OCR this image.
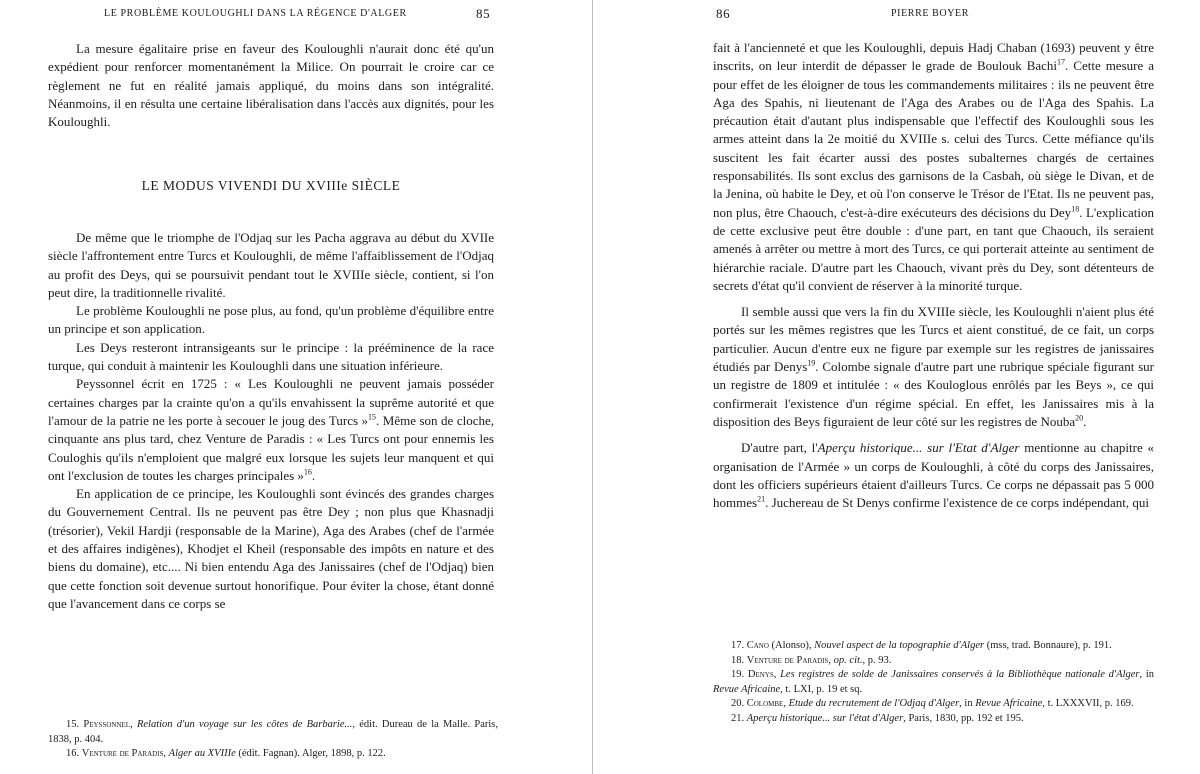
LE PROBLÈME KOULOUGHLI DANS LA RÉGENCE D'ALGER	85

La mesure égalitaire prise en faveur des Kouloughli n'aurait donc été qu'un expédient pour renforcer momentanément la Milice. On pourrait le croire car ce règlement ne fut en réalité jamais appliqué, du moins dans son intégralité. Néanmoins, il en résulta une certaine libéralisation dans l'accès aux dignités, pour les Kouloughli.

LE MODUS VIVENDI DU XVIIIe SIÈCLE

De même que le triomphe de l'Odjaq sur les Pacha aggrava au début du XVIIe siècle l'affrontement entre Turcs et Kouloughli, de même l'affaiblissement de l'Odjaq au profit des Deys, qui se poursuivit pendant tout le XVIIIe siècle, contient, si l'on peut dire, la traditionnelle rivalité.

Le problème Kouloughli ne pose plus, au fond, qu'un problème d'équilibre entre un principe et son application.

Les Deys resteront intransigeants sur le principe : la prééminence de la race turque, qui conduit à maintenir les Kouloughli dans une situation inférieure.

Peyssonnel écrit en 1725 : « Les Kouloughli ne peuvent jamais posséder certaines charges par la crainte qu'on a qu'ils envahissent la suprême autorité et que l'amour de la patrie ne les porte à secouer le joug des Turcs »$^{15}$. Même son de cloche, cinquante ans plus tard, chez Venture de Paradis : « Les Turcs ont pour ennemis les Couloghis qu'ils n'emploient que malgré eux lorsque les sujets leur manquent et qui ont l'exclusion de toutes les charges principales »$^{16}$.

En application de ce principe, les Kouloughli sont évincés des grandes charges du Gouvernement Central. Ils ne peuvent pas être Dey ; non plus que Khasnadji (trésorier), Vekil Hardji (responsable de la Marine), Aga des Arabes (chef de l'armée et des affaires indigènes), Khodjet el Kheil (responsable des impôts en nature et des biens du domaine), etc.... Ni bien entendu Aga des Janissaires (chef de l'Odjaq) bien que cette fonction soit devenue surtout honorifique. Pour éviter la chose, étant donné que l'avancement dans ce corps se

15. Peyssonnel, Relation d'un voyage sur les côtes de Barbarie..., édit. Dureau de la Malle. Paris, 1838, p. 404.

16. Venture de Paradis, Alger au XVIIIe (édit. Fagnan). Alger, 1898, p. 122.

86	PIERRE BOYER

fait à l'ancienneté et que les Kouloughli, depuis Hadj Chaban (1693) peuvent y être inscrits, on leur interdit de dépasser le grade de Boulouk Bachi$^{17}$. Cette mesure a pour effet de les éloigner de tous les commandements militaires : ils ne peuvent être Aga des Spahis, ni lieutenant de l'Aga des Arabes ou de l'Aga des Spahis. La précaution était d'autant plus indispensable que l'effectif des Kouloughli sous les armes atteint dans la 2e moitié du XVIIIe s. celui des Turcs. Cette méfiance qu'ils suscitent les fait écarter aussi des postes subalternes chargés de certaines responsabilités. Ils sont exclus des garnisons de la Casbah, où siège le Divan, et de la Jenina, où habite le Dey, et où l'on conserve le Trésor de l'Etat. Ils ne peuvent pas, non plus, être Chaouch, c'est-à-dire exécuteurs des décisions du Dey$^{18}$. L'explication de cette exclusive peut être double : d'une part, en tant que Chaouch, ils seraient amenés à arrêter ou mettre à mort des Turcs, ce qui porterait atteinte au sentiment de hiérarchie raciale. D'autre part les Chaouch, vivant près du Dey, sont détenteurs de secrets d'état qu'il convient de réserver à la minorité turque.

Il semble aussi que vers la fin du XVIIIe siècle, les Kouloughli n'aient plus été portés sur les mêmes registres que les Turcs et aient constitué, de ce fait, un corps particulier. Aucun d'entre eux ne figure par exemple sur les registres de janissaires étudiés par Denys$^{19}$. Colombe signale d'autre part une rubrique spéciale figurant sur un registre de 1809 et intitulée : « des Kouloglous enrôlés par les Beys », ce qui confirmerait l'existence d'un régime spécial. En effet, les Janissaires mis à la disposition des Beys figuraient de leur côté sur les registres de Nouba$^{20}$.

D'autre part, l'Aperçu historique... sur l'Etat d'Alger mentionne au chapitre « organisation de l'Armée » un corps de Kouloughli, à côté du corps des Janissaires, dont les officiers supérieurs étaient d'ailleurs Turcs. Ce corps ne dépassait pas 5 000 hommes$^{21}$. Juchereau de St Denys confirme l'existence de ce corps indépendant, qui

17. Cano (Alonso), Nouvel aspect de la topographie d'Alger (mss, trad. Bonnaure), p. 191.

18. Venture de Paradis, op. cit., p. 93.

19. Denys, Les registres de solde de Janissaires conservés à la Bibliothèque nationale d'Alger, in Revue Africaine, t. LXI, p. 19 et sq.

20. Colombe, Etude du recrutement de l'Odjaq d'Alger, in Revue Africaine, t. LXXXVII, p. 169.

21. Aperçu historique... sur l'état d'Alger, Paris, 1830, pp. 192 et 195.
